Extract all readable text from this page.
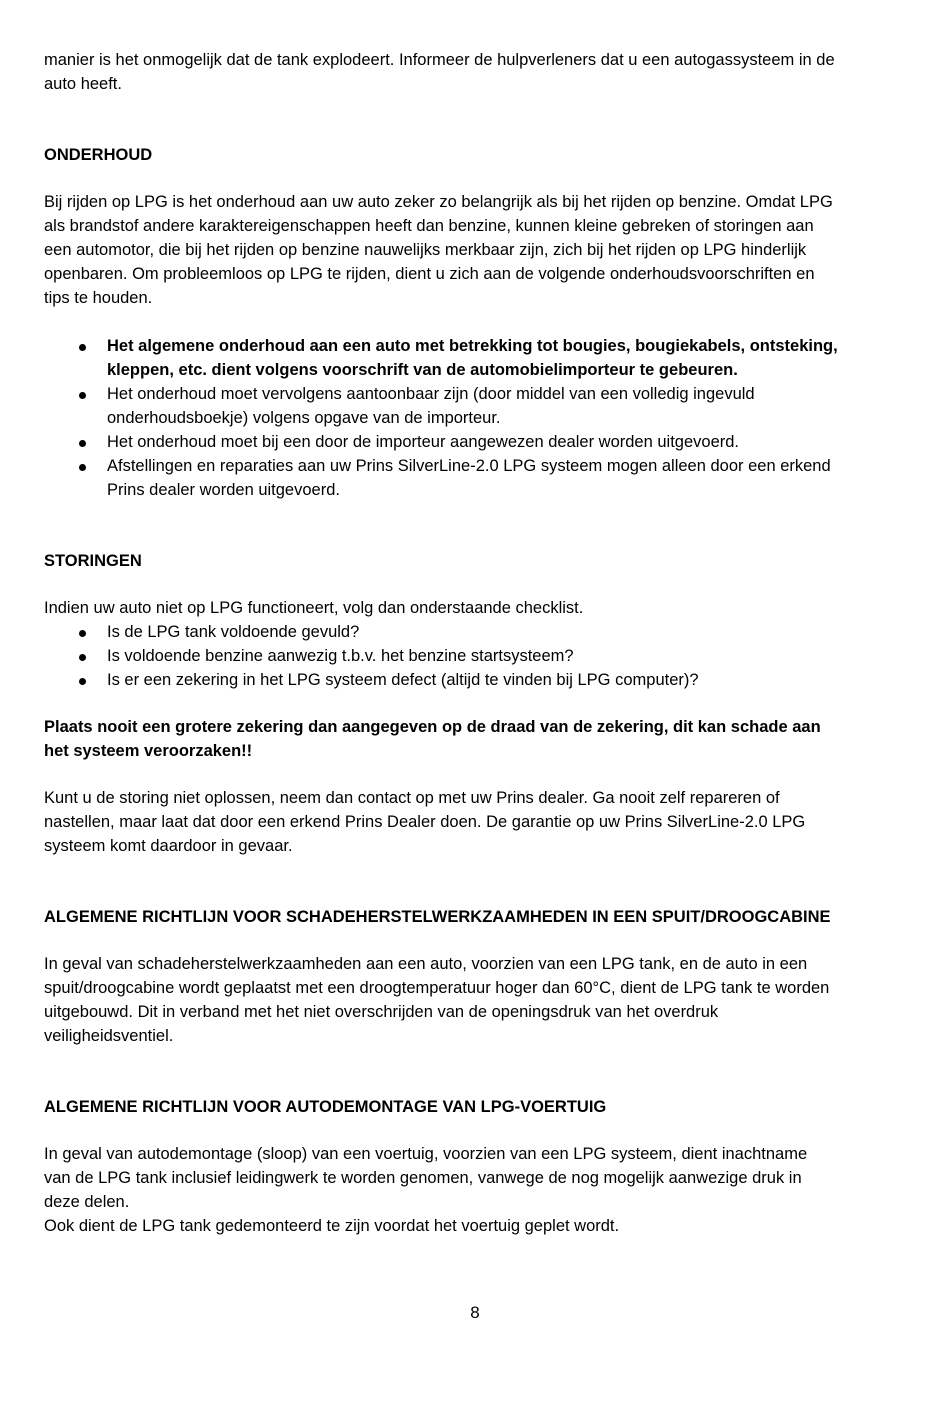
manier is het onmogelijk dat de tank explodeert. Informeer de hulpverleners dat u een autogassysteem in de auto heeft.

ONDERHOUD

Bij rijden op LPG is het onderhoud aan uw auto zeker zo belangrijk als bij het rijden op benzine. Omdat LPG als brandstof andere karaktereigenschappen heeft dan benzine, kunnen kleine gebreken of storingen aan een automotor, die bij het rijden op benzine nauwelijks merkbaar zijn, zich bij het rijden op LPG hinderlijk openbaren. Om probleemloos op LPG te rijden, dient u zich aan de volgende onderhoudsvoorschriften en tips te houden.

Het algemene onderhoud aan een auto met betrekking tot bougies, bougiekabels, ontsteking, kleppen, etc. dient volgens voorschrift van de automobielimporteur te gebeuren.
Het onderhoud moet vervolgens aantoonbaar zijn (door middel van een volledig ingevuld onderhoudsboekje) volgens opgave van de importeur.
Het onderhoud moet bij een door de importeur aangewezen dealer worden uitgevoerd.
Afstellingen en reparaties aan uw Prins SilverLine-2.0 LPG systeem mogen alleen door een erkend Prins dealer worden uitgevoerd.

STORINGEN

Indien uw auto niet op LPG functioneert, volg dan onderstaande checklist.

Is de LPG tank voldoende gevuld?
Is voldoende benzine aanwezig t.b.v. het benzine startsysteem?
Is er een zekering in het LPG systeem defect (altijd te vinden bij LPG computer)?

Plaats nooit een grotere zekering dan aangegeven op de draad van de zekering, dit kan schade aan het systeem veroorzaken!!

Kunt u de storing niet oplossen, neem dan contact op met uw Prins dealer. Ga nooit zelf repareren of nastellen, maar laat dat door een erkend Prins Dealer doen. De garantie op uw Prins SilverLine-2.0 LPG systeem komt daardoor in gevaar.

ALGEMENE RICHTLIJN VOOR SCHADEHERSTELWERKZAAMHEDEN IN EEN SPUIT/DROOGCABINE

In geval van schadeherstelwerkzaamheden aan een auto, voorzien van een LPG tank, en de auto in een spuit/droogcabine wordt geplaatst met een droogtemperatuur hoger dan 60°C, dient de LPG tank te worden uitgebouwd. Dit in verband met het niet overschrijden van de openingsdruk van het overdruk veiligheidsventiel.

ALGEMENE RICHTLIJN VOOR AUTODEMONTAGE VAN LPG-VOERTUIG

In geval van autodemontage (sloop) van een voertuig, voorzien van een LPG systeem, dient inachtname van de LPG tank inclusief leidingwerk te worden genomen, vanwege de nog mogelijk aanwezige druk in deze delen.

Ook dient de LPG tank gedemonteerd te zijn voordat het voertuig geplet wordt.

8
